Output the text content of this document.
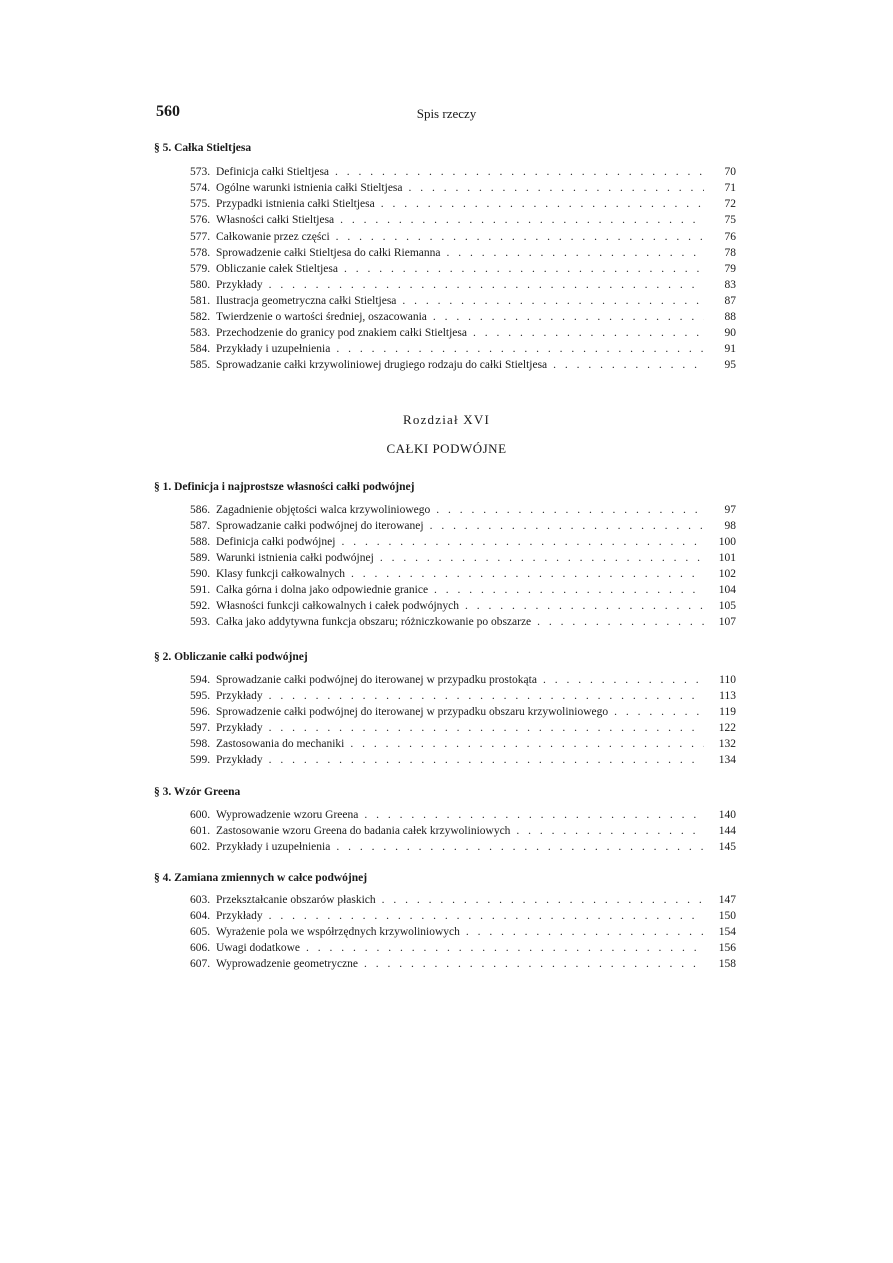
560	Spis rzeczy
§ 5. Całka Stieltjesa
573. Definicja całki Stieltjesa . . .	70
574. Ogólne warunki istnienia całki Stieltjesa . . .	71
575. Przypadki istnienia całki Stieltjesa . . .	72
576. Własności całki Stieltjesa . . .	75
577. Całkowanie przez części . . .	76
578. Sprowadzenie całki Stieltjesa do całki Riemanna . . .	78
579. Obliczanie całek Stieltjesa . . .	79
580. Przykłady . . .	83
581. Ilustracja geometryczna całki Stieltjesa . . .	87
582. Twierdzenie o wartości średniej, oszacowania . . .	88
583. Przechodzenie do granicy pod znakiem całki Stieltjesa . . .	90
584. Przykłady i uzupełnienia . . .	91
585. Sprowadzanie całki krzywoliniowej drugiego rodzaju do całki Stieltjesa . . .	95
Rozdział XVI
CAŁKI PODWÓJNE
§ 1. Definicja i najprostsze własności całki podwójnej
586. Zagadnienie objętości walca krzywoliniowego . . .	97
587. Sprowadzanie całki podwójnej do iterowanej . . .	98
588. Definicja całki podwójnej . . .	100
589. Warunki istnienia całki podwójnej . . .	101
590. Klasy funkcji całkowalnych . . .	102
591. Całka górna i dolna jako odpowiednie granice . . .	104
592. Własności funkcji całkowalnych i całek podwójnych . . .	105
593. Całka jako addytywna funkcja obszaru; różniczkowanie po obszarze . . .	107
§ 2. Obliczanie całki podwójnej
594. Sprowadzanie całki podwójnej do iterowanej w przypadku prostokąta . . .	110
595. Przykłady . . .	113
596. Sprowadzenie całki podwójnej do iterowanej w przypadku obszaru krzywoliniowego . . .	119
597. Przykłady . . .	122
598. Zastosowania do mechaniki . . .	132
599. Przykłady . . .	134
§ 3. Wzór Greena
600. Wyprowadzenie wzoru Greena . . .	140
601. Zastosowanie wzoru Greena do badania całek krzywoliniowych . . .	144
602. Przykłady i uzupełnienia . . .	145
§ 4. Zamiana zmiennych w całce podwójnej
603. Przekształcanie obszarów płaskich . . .	147
604. Przykłady . . .	150
605. Wyrażenie pola we współrzędnych krzywoliniowych . . .	154
606. Uwagi dodatkowe . . .	156
607. Wyprowadzenie geometryczne . . .	158
